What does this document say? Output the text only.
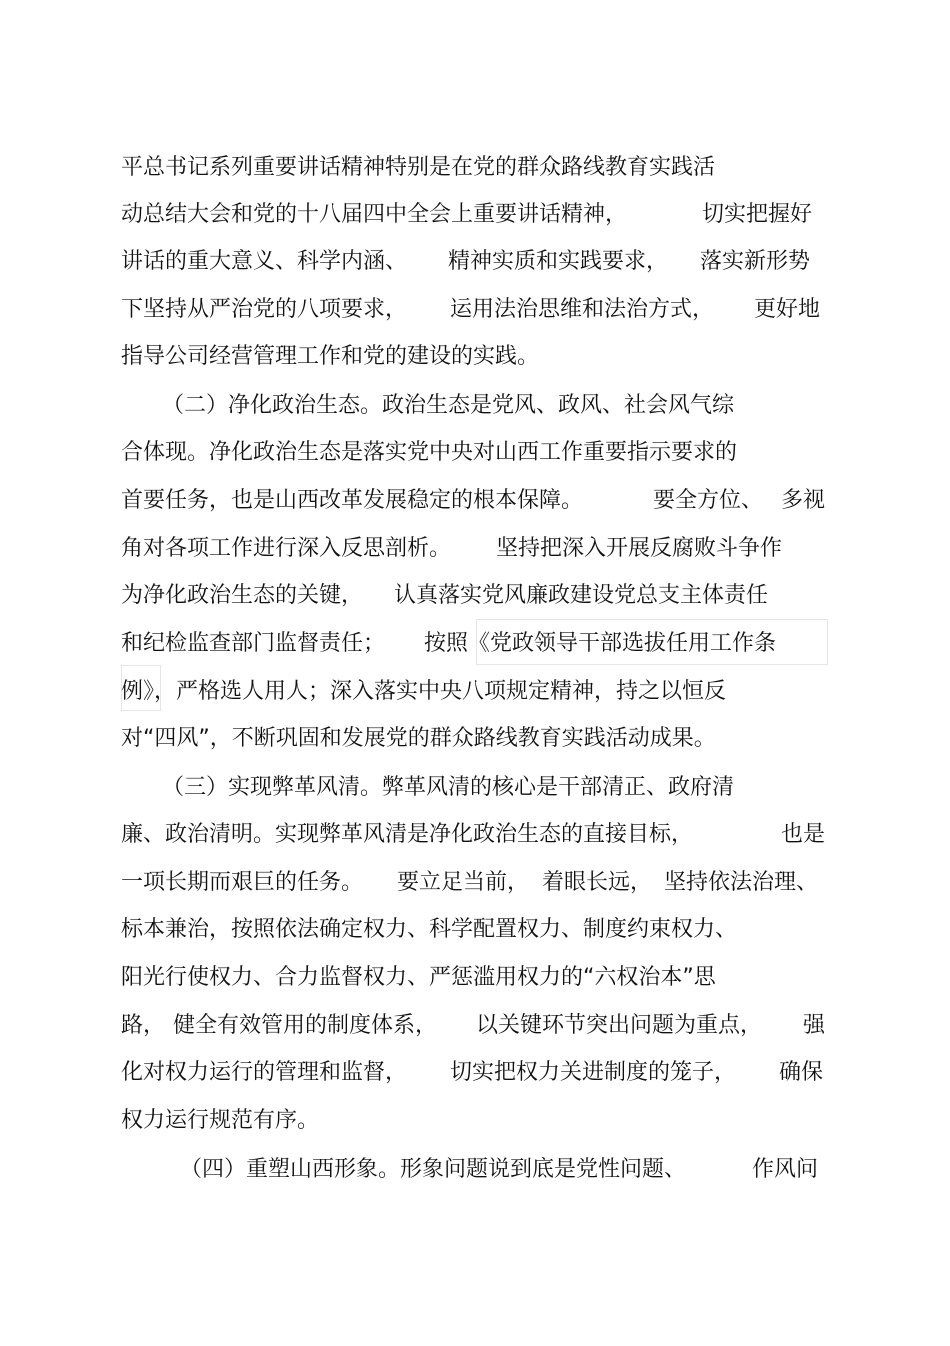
平总书记系列重要讲话精神特别是在党的群众路线教育实践活

动总结大会和党的十八届四中全会上重要讲话精神，

	切实把握好

讲话的重大意义、科学内涵、

精神实质和实践要求，

落实新形势

下坚持从严治党的八项要求，

运用法治思维和法治方式，

更好地

指导公司经营管理工作和党的建设的实践。

（二）净化政治生态。政治生态是党风、政风、社会风气综

合体现。净化政治生态是落实党中央对山西工作重要指示要求的

首要任务，也是山西改革发展稳定的根本保障。

	要全方位、

多视

角对各项工作进行深入反思剖析。

坚持把深入开展反腐败斗争作

为净化政治生态的关键，

认真落实党风廉政建设党总支主体责任

和纪检监查部门监督责任；

按照《党政领导干部选拔任用工作条

例》，严格选人用人；深入落实中央八项规定精神，持之以恒反

对“四风”，不断巩固和发展党的群众路线教育实践活动成果。

（三）实现弊革风清。弊革风清的核心是干部清正、政府清

廉、政治清明。实现弊革风清是净化政治生态的直接目标，

	也是

一项长期而艰巨的任务。

要立足当前，

着眼长远，

坚持依法治理、

标本兼治，按照依法确定权力、科学配置权力、制度约束权力、

阳光行使权力、合力监督权力、严惩滥用权力的“六权治本”思

路，

健全有效管用的制度体系，

以关键环节突出问题为重点，

强

化对权力运行的管理和监督，

切实把权力关进制度的笼子，

确保

权力运行规范有序。

（四）重塑山西形象。形象问题说到底是党性问题、

	作风问
